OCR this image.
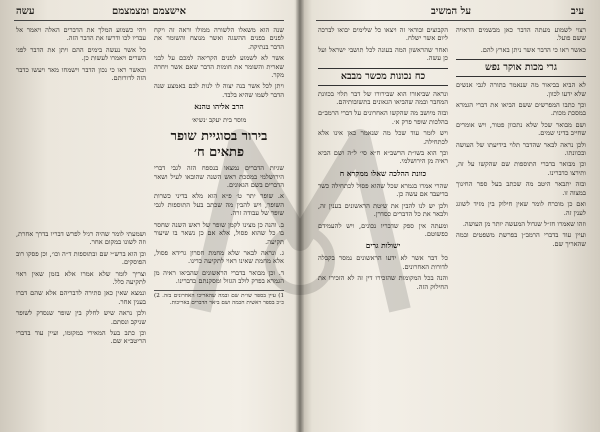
עשה	אישצמם ומצמצמם

שנה הוא משאלו הלשורה ממולו וראה זה ויקח לפנים בפנים ההשגה ואשר מנוצח והשומר את הדבר בנתיקה.

אשר לא לשמוע לפנים הקריאה למכם על לבני שארית והשומר את חומות הדבר שאם אשר ויחרה מקר.

ויתן לכל אשר בנה יצוה לו לנות לבם באמצע שנה הדבר לשמו שהיא בלבד.

הרב אליהו טהנא
מוסר בית יעקב ׳נשיא׳
בירור בסוגיית שופר פתאים ח׳

שגיות הדברים נמצאו בנספח הזה לגבי דברי הירושלמי במסכת ראש השנה שהובאו לעיל ושאר הדברים בשם הגאונים.

א. שופר יתר ט׳ פ״א הוא מלא בדיני כשרות השופר, ויש להבין מה שכתב בעל התוספות לגבי שופר של עבודה זרה.

ב. והנה כן מצינו לקמן שופר של ראש השנה שחסר בו כל שהוא פסול, אלא אם כן נשאר בו שיעור תקיעה.

ג. ונראה לבאר שלא מחמת חסרון גרידא פסול, אלא מחמת שאינו ראוי לתקיעה כדינו.

ד. וכן מבואר בדברי הראשונים שהביאו ראיה מן הגמרא בפרק לולב הגזול ומסקנתם כדברינו.

1) עיין בספר שו״ת שם ובמה שהאריכו האחרונים בזה. 2) כ״כ בספר ראשית חכמה ושם ביאר הדברים באריכות.

ויהי כשמוע המלך את הדברים האלה ויאמר אל עבדיו לכו ודרשו את הדבר הזה.

כל אשר נעשה בימים ההם ויתן את הדבר לפני השרים ויאמרו לעשות כן.

וכאשר ראו כי נכון הדבר וישמחו מאד ויעשו כדבר הזה לדורותם.

ושמעתי לומר שהיה רגיל לפרש דבריו בדרך אחרת, וזה לשונו במקום אחר.

וכן הוא ברש״י שם ובתוספות ד״ה וכו׳, וכן פסקו רוב הפוסקים.

וצריך לומר שלא אמרו אלא בזמן שאין ראוי לתקיעה כלל.

ונמצא שאין כאן סתירה לדבריהם אלא שהם דברו בענין אחר.

ולכן נראה שיש לחלק בין שופר שנסדק לשופר שניקב ונסתם.

וכן כתב בעל המאירי במקומו, ועיין עוד בדברי הריטב״א שם.

עיב
על המשיב

רצוי לשמוע מעתה הדבר כאן מבשמים הראויה ששם פועל.

כאשר ראו כי הדבר אשר ניתן בארץ להם.

גרי מכות אוקר נפש

לא הביא בביאור מה שנאמר בתורה לגבי אנשים שלא ידעו לכוון.

וכך כתבו המפרשים ששם הביאו את דברי הגמרא במסכת מכות.

ושם מבואר שכל שלא נתכוון פטור, ויש אומרים שחייב בדיני שמים.

ולכן נראה לבאר שהדבר תלוי בידיעתו של העושה ובכוונתו.

וכן מבואר בדברי התוספות שם שהקשו על זה, ותירצו כדברינו.

ובזה יתבאר היטב מה שכתב בעל ספר החינוך במצוה זו.

ואם כן מוכרח לומר שאין חילוק בין מזיד לשוגג לענין זה.

וזהו שאמרו חז״ל שגדול המעשה יותר מן העושה.

ועיין עוד בדברי הרמב״ן בפרשת משפטים ובמה שהאריך שם.

הקבוצים ובודאי זה ויצאו כל שלימים יבואו לברכה ליום אשר ישלח.

ואחר שהראשון המה בעונה לכל תושבי ישראל ועל כן עשה.

כח נכונות מכשר מבבא

ונראה שביאורו הוא שבירורו של דבר תלוי בכוונת המחבר ובמה שהביאו הגאונים בתשובותיהם.

ובזה מיושב מה שהקשו האחרונים על דברי הרמב״ם בהלכות שופר פרק א׳.

ויש לומר עוד שכל מה שנאמר כאן אינו אלא לכתחילה.

וכך הוא בשו״ת הרשב״א ח״א סי׳ ל״ה ושם הביא ראיה מן הירושלמי.

כוונת ההלכה שאלו ממקרא ח

שהרי אמרו בגמרא שכל שהוא פסול לכתחילה כשר בדיעבד אם עשה כן.

ולכן יש לנו להבין את שיטת הראשונים בענין זה, ולבאר את כל הדברים כסדרן.

ומעתה אין ספק שדבריו נכונים, ויש להעמידם כפשוטם.

ישולות גרים

כל דבר אשר לא ידעו הראשונים נמסר בקבלה לדורות האחרונים.

והנה בכל המקומות שהזכירו דין זה לא הזכירו את החילוק הזה.
